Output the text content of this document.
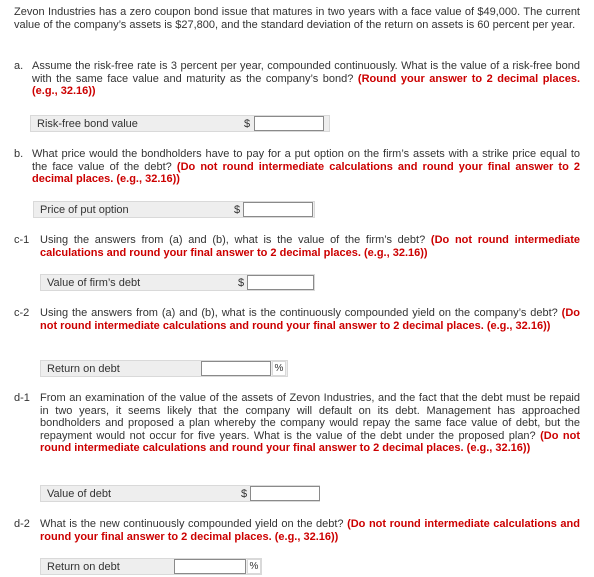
Zevon Industries has a zero coupon bond issue that matures in two years with a face value of $49,000. The current value of the company’s assets is $27,800, and the standard deviation of the return on assets is 60 percent per year.
a. Assume the risk-free rate is 3 percent per year, compounded continuously. What is the value of a risk-free bond with the same face value and maturity as the company’s bond? (Round your answer to 2 decimal places. (e.g., 32.16))
Risk-free bond value	$
b. What price would the bondholders have to pay for a put option on the firm’s assets with a strike price equal to the face value of the debt? (Do not round intermediate calculations and round your final answer to 2 decimal places. (e.g., 32.16))
Price of put option	$
c-1 Using the answers from (a) and (b), what is the value of the firm’s debt? (Do not round intermediate calculations and round your final answer to 2 decimal places. (e.g., 32.16))
Value of firm’s debt	$
c-2 Using the answers from (a) and (b), what is the continuously compounded yield on the company’s debt? (Do not round intermediate calculations and round your final answer to 2 decimal places. (e.g., 32.16))
Return on debt	%
d-1 From an examination of the value of the assets of Zevon Industries, and the fact that the debt must be repaid in two years, it seems likely that the company will default on its debt. Management has approached bondholders and proposed a plan whereby the company would repay the same face value of debt, but the repayment would not occur for five years. What is the value of the debt under the proposed plan? (Do not round intermediate calculations and round your final answer to 2 decimal places. (e.g., 32.16))
Value of debt	$
d-2 What is the new continuously compounded yield on the debt? (Do not round intermediate calculations and round your final answer to 2 decimal places. (e.g., 32.16))
Return on debt	%
